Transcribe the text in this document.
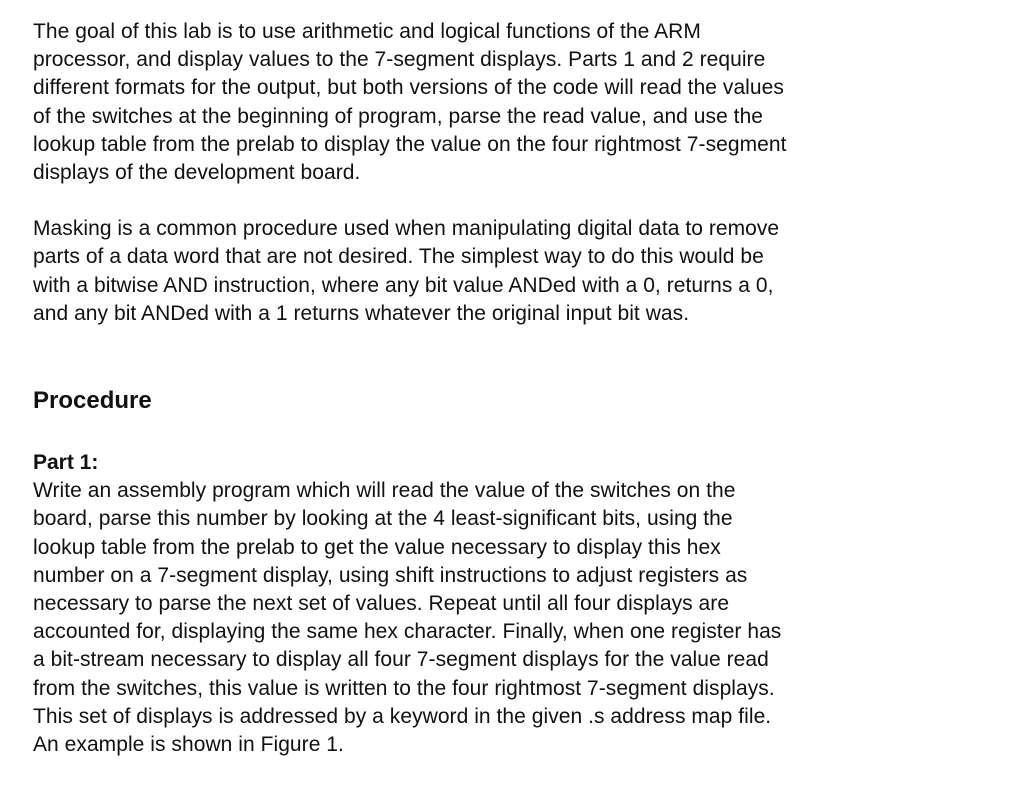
The goal of this lab is to use arithmetic and logical functions of the ARM
processor, and display values to the 7-segment displays. Parts 1 and 2 require
different formats for the output, but both versions of the code will read the values
of the switches at the beginning of program, parse the read value, and use the
lookup table from the prelab to display the value on the four rightmost 7-segment
displays of the development board.
Masking is a common procedure used when manipulating digital data to remove
parts of a data word that are not desired. The simplest way to do this would be
with a bitwise AND instruction, where any bit value ANDed with a 0, returns a 0,
and any bit ANDed with a 1 returns whatever the original input bit was.
Procedure
Part 1:
Write an assembly program which will read the value of the switches on the
board, parse this number by looking at the 4 least-significant bits, using the
lookup table from the prelab to get the value necessary to display this hex
number on a 7-segment display, using shift instructions to adjust registers as
necessary to parse the next set of values. Repeat until all four displays are
accounted for, displaying the same hex character. Finally, when one register has
a bit-stream necessary to display all four 7-segment displays for the value read
from the switches, this value is written to the four rightmost 7-segment displays.
This set of displays is addressed by a keyword in the given .s address map file.
An example is shown in Figure 1.
